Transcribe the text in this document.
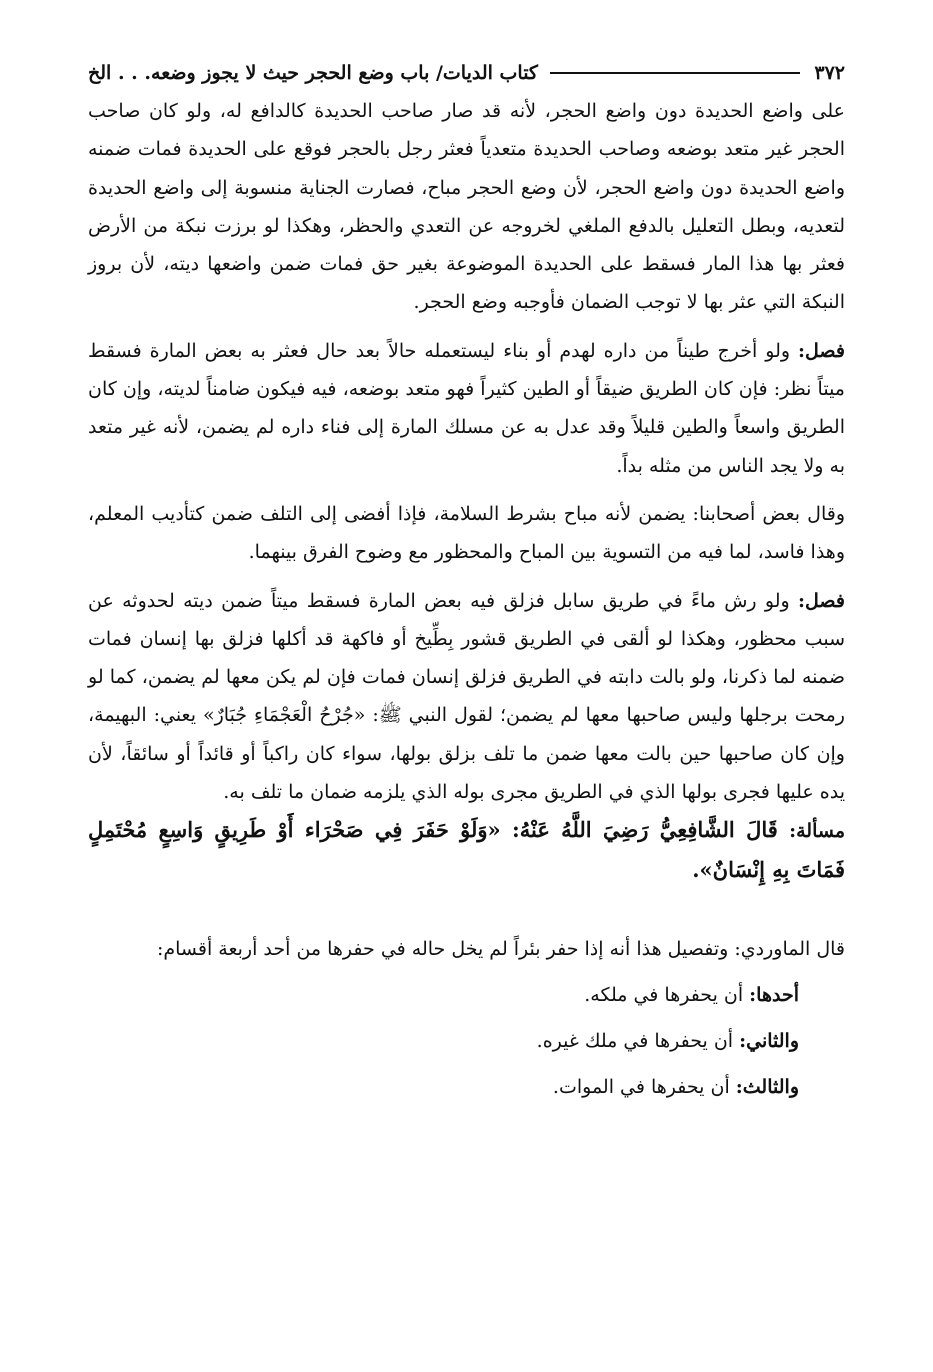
٣٧٢
كتاب الديات/ باب وضع الحجر حيث لا يجوز وضعه. . . الخ

على واضع الحديدة دون واضع الحجر، لأنه قد صار صاحب الحديدة كالدافع له، ولو كان صاحب الحجر غير متعد بوضعه وصاحب الحديدة متعدياً فعثر رجل بالحجر فوقع على الحديدة فمات ضمنه واضع الحديدة دون واضع الحجر، لأن وضع الحجر مباح، فصارت الجناية منسوبة إلى واضع الحديدة لتعديه، وبطل التعليل بالدفع الملغي لخروجه عن التعدي والحظر، وهكذا لو برزت نبكة من الأرض فعثر بها هذا المار فسقط على الحديدة الموضوعة بغير حق فمات ضمن واضعها ديته، لأن بروز النبكة التي عثر بها لا توجب الضمان فأوجبه وضع الحجر.

فصل: ولو أخرج طيناً من داره لهدم أو بناء ليستعمله حالاً بعد حال فعثر به بعض المارة فسقط ميتاً نظر: فإن كان الطريق ضيقاً أو الطين كثيراً فهو متعد بوضعه، فيه فيكون ضامناً لديته، وإن كان الطريق واسعاً والطين قليلاً وقد عدل به عن مسلك المارة إلى فناء داره لم يضمن، لأنه غير متعد به ولا يجد الناس من مثله بداً.

وقال بعض أصحابنا: يضمن لأنه مباح بشرط السلامة، فإذا أفضى إلى التلف ضمن كتأديب المعلم، وهذا فاسد، لما فيه من التسوية بين المباح والمحظور مع وضوح الفرق بينهما.

فصل: ولو رش ماءً في طريق سابل فزلق فيه بعض المارة فسقط ميتاً ضمن ديته لحدوثه عن سبب محظور، وهكذا لو ألقى في الطريق قشور بِطِّيخ أو فاكهة قد أكلها فزلق بها إنسان فمات ضمنه لما ذكرنا، ولو بالت دابته في الطريق فزلق إنسان فمات فإن لم يكن معها لم يضمن، كما لو رمحت برجلها وليس صاحبها معها لم يضمن؛ لقول النبي ﷺ: «جُرْحُ الْعَجْمَاءِ جُبَارٌ» يعني: البهيمة، وإن كان صاحبها حين بالت معها ضمن ما تلف بزلق بولها، سواء كان راكباً أو قائداً أو سائقاً، لأن يده عليها فجرى بولها الذي في الطريق مجرى بوله الذي يلزمه ضمان ما تلف به.

مسألة: قَالَ الشَّافِعِيُّ رَضِيَ اللَّهُ عَنْهُ: «وَلَوْ حَفَرَ فِي صَحْرَاء أَوْ طَرِيقٍ وَاسِعٍ مُحْتَمِلٍ فَمَاتَ بِهِ إِنْسَانٌ».

قال الماوردي: وتفصيل هذا أنه إذا حفر بئراً لم يخل حاله في حفرها من أحد أربعة أقسام:

أحدها: أن يحفرها في ملكه.
والثاني: أن يحفرها في ملك غيره.
والثالث: أن يحفرها في الموات.
